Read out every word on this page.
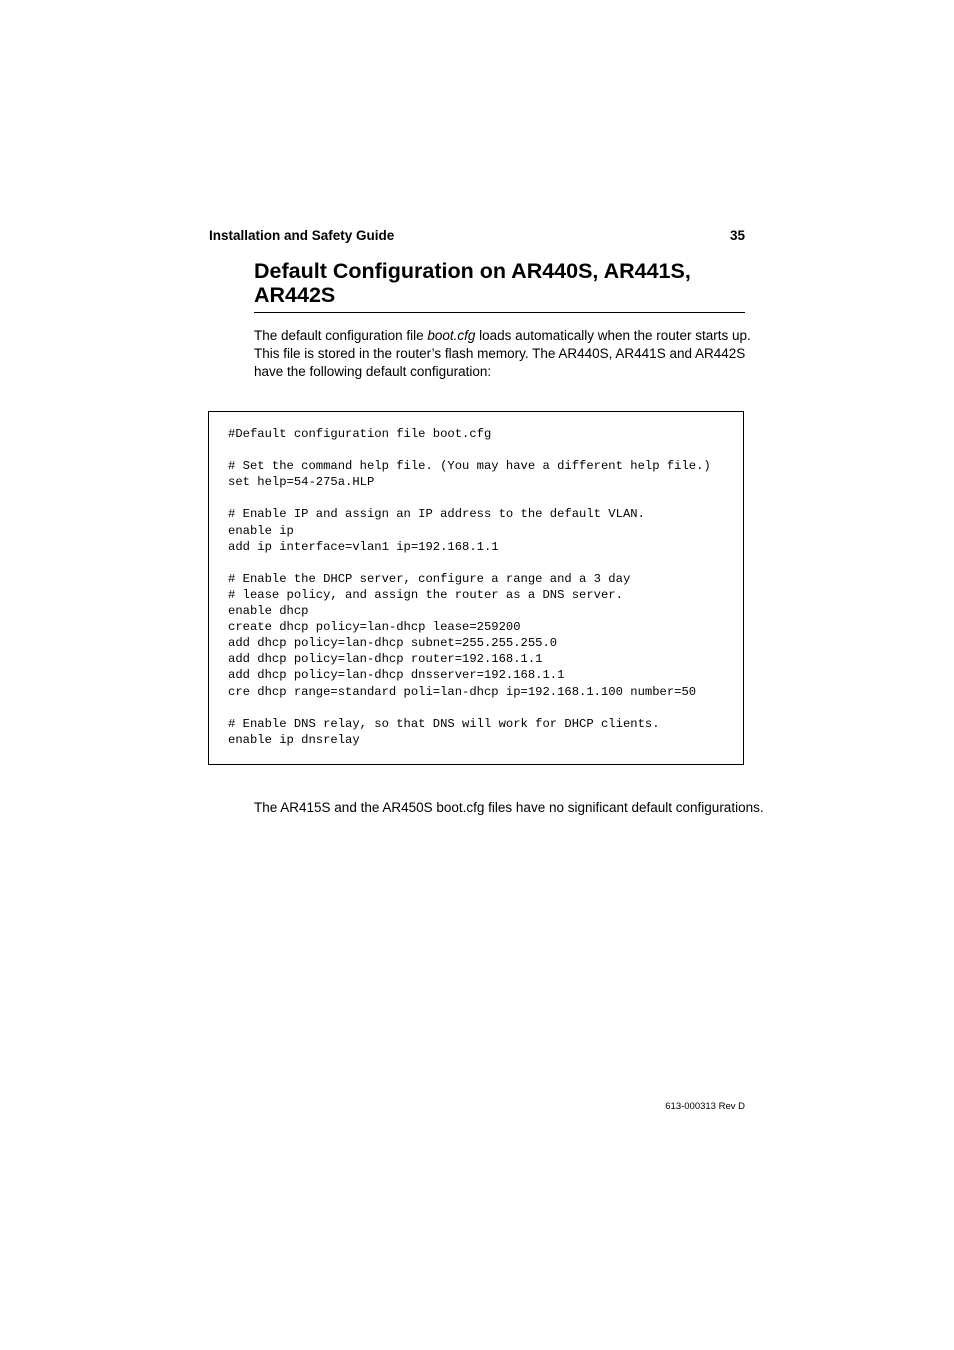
Installation and Safety Guide	35
Default Configuration on AR440S, AR441S,
AR442S

The default configuration file boot.cfg loads automatically when the router starts up.
This file is stored in the router’s flash memory. The AR440S, AR441S and AR442S
have the following default configuration:

#Default configuration file boot.cfg
# Set the command help file. (You may have a different help file.)
set help=54-275a.HLP
# Enable IP and assign an IP address to the default VLAN.
enable ip
add ip interface=vlan1 ip=192.168.1.1
# Enable the DHCP server, configure a range and a 3 day
# lease policy, and assign the router as a DNS server.
enable dhcp
create dhcp policy=lan-dhcp lease=259200
add dhcp policy=lan-dhcp subnet=255.255.255.0
add dhcp policy=lan-dhcp router=192.168.1.1
add dhcp policy=lan-dhcp dnsserver=192.168.1.1
cre dhcp range=standard poli=lan-dhcp ip=192.168.1.100 number=50
# Enable DNS relay, so that DNS will work for DHCP clients.
enable ip dnsrelay

The AR415S and the AR450S boot.cfg files have no significant default configurations.

613-000313 Rev D
